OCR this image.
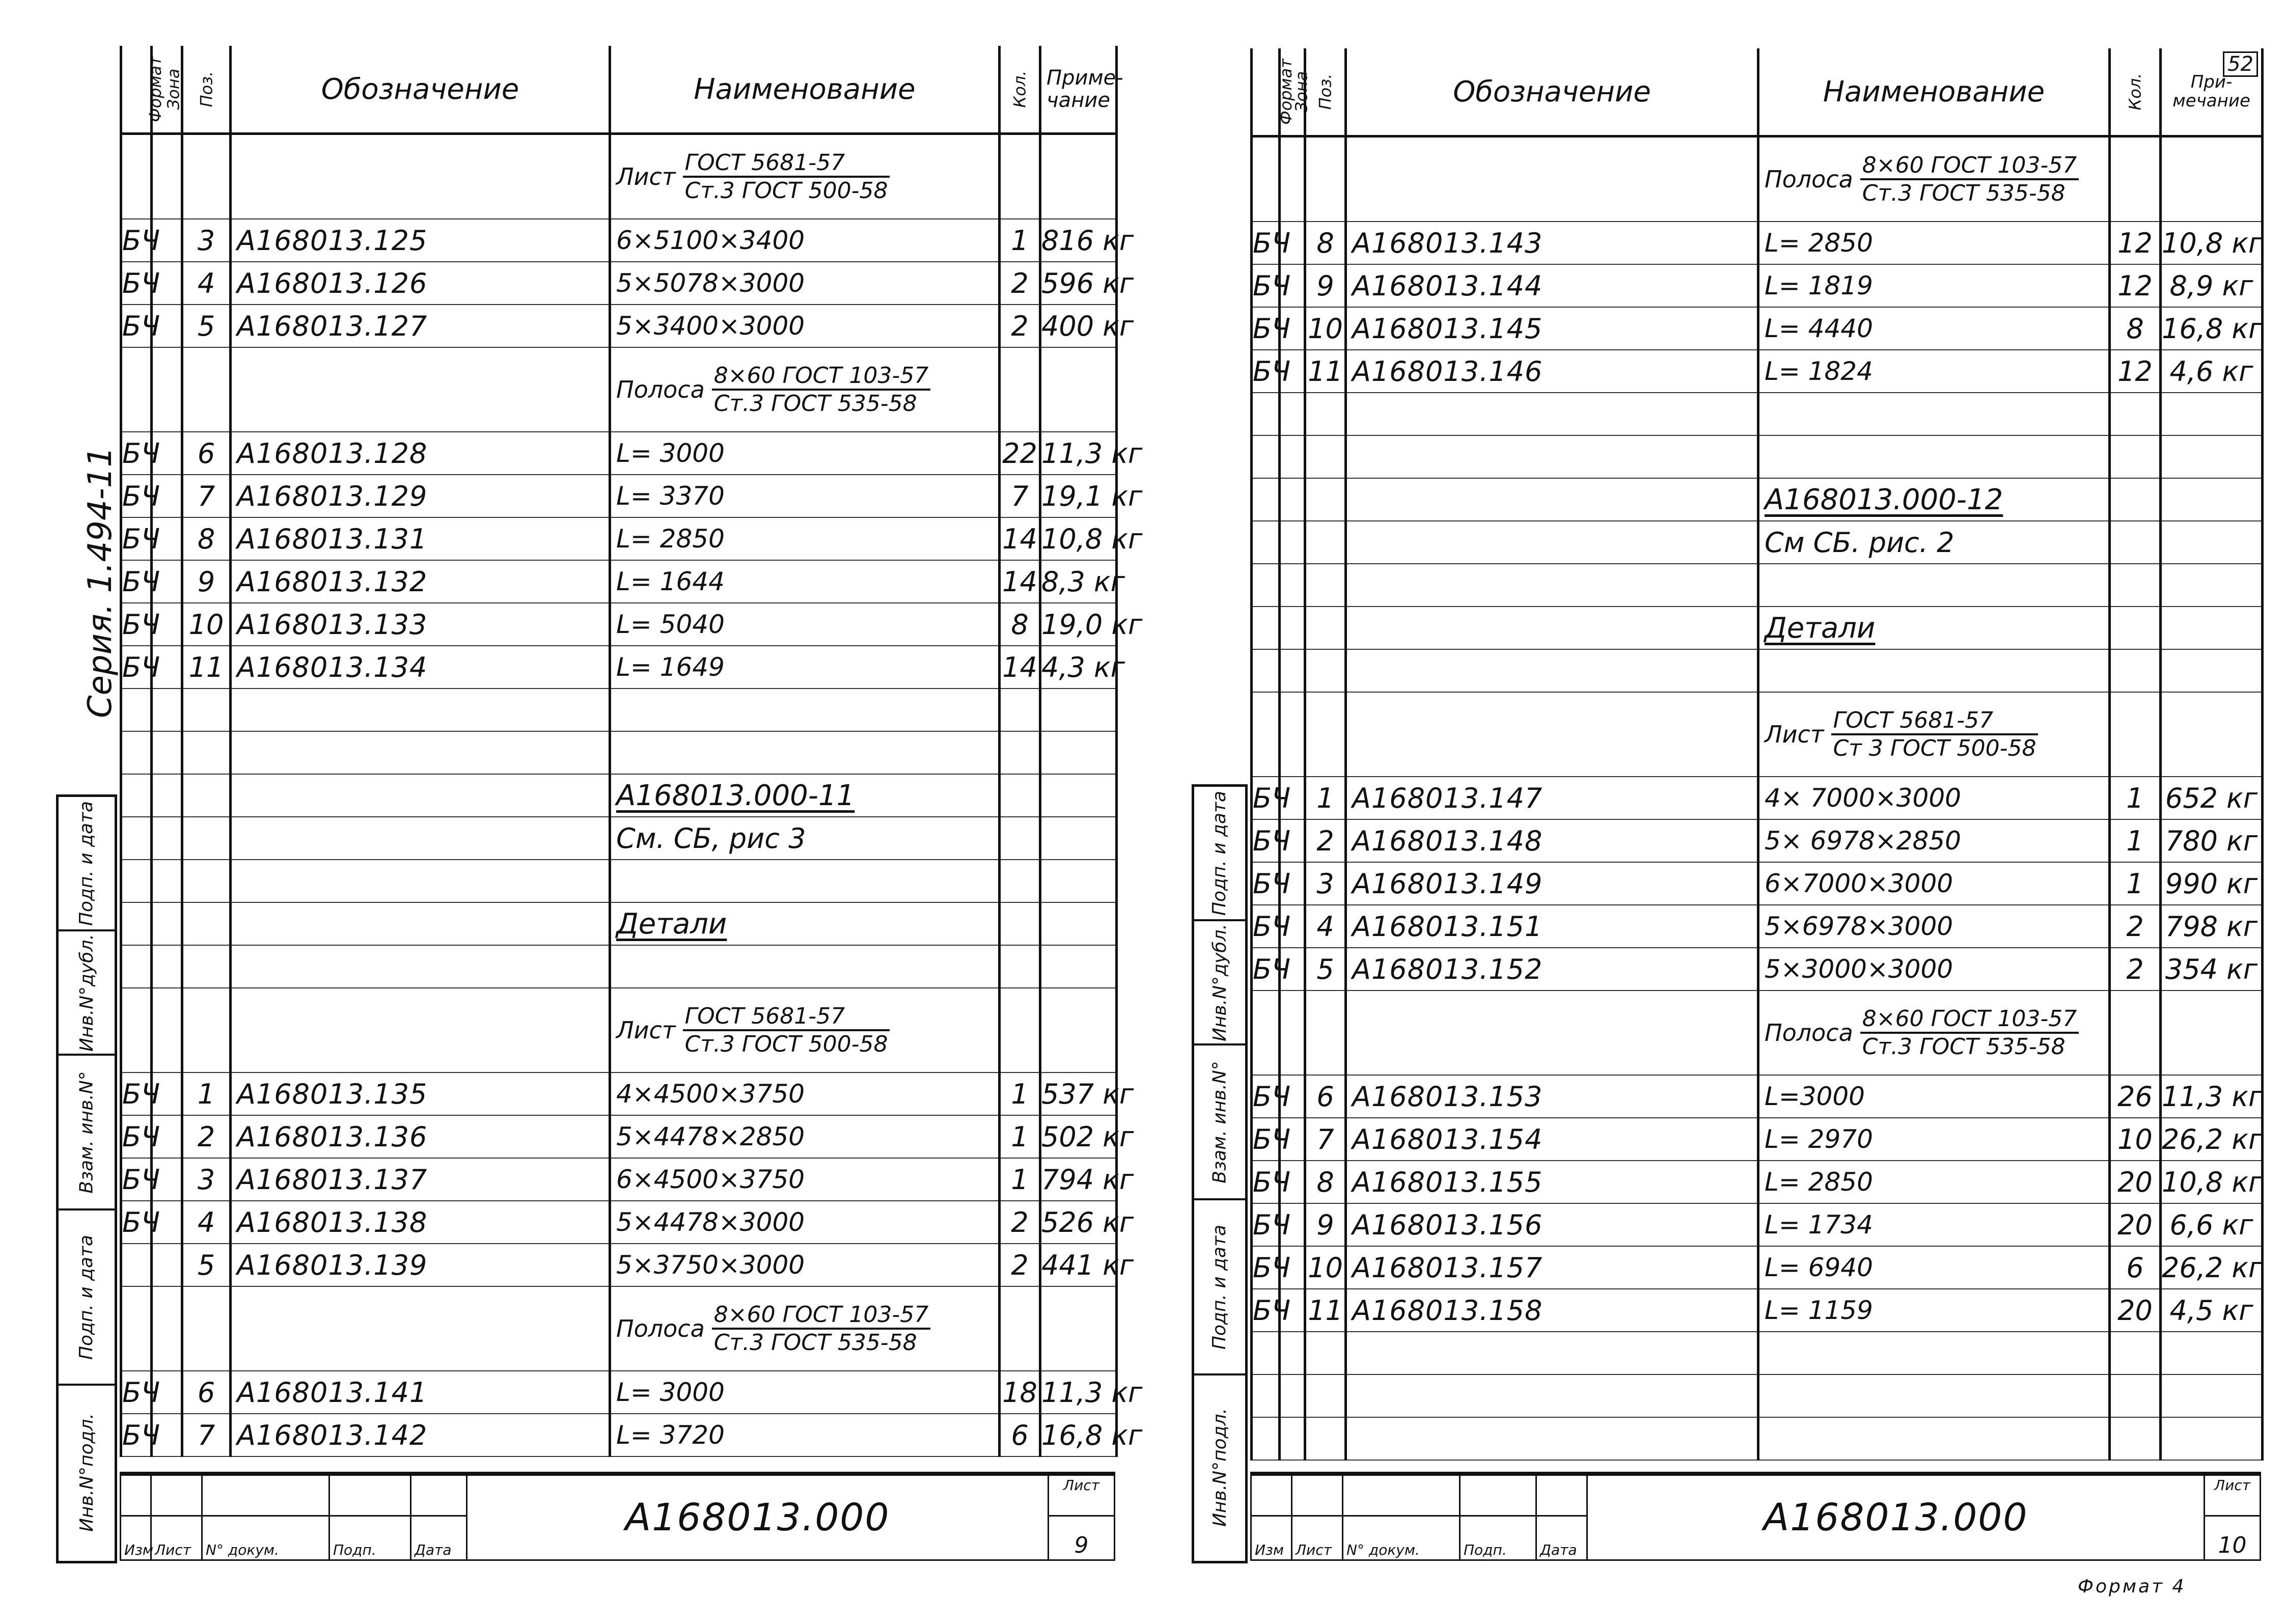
Серия. 1.494-11
Подп. и дата
Инв.N°дубл.
Взам. инв.N°
Подп. и дата
Инв.N°подл.
Формат	Зона	Поз.	Обозначение	Наименование	Кол.	Приме-
чание

				Лист $\frac{\text{ГОСТ 5681-57}}{\text{Ст.3 ГОСТ 500-58}}$

БЧ		3	А168013.125	6×5100×3400	1	816 кг
БЧ		4	А168013.126	5×5078×3000	2	596 кг
БЧ		5	А168013.127	5×3400×3000	2	400 кг

				Полоса $\frac{\text{8×60 ГОСТ 103-57}}{\text{Ст.3 ГОСТ 535-58}}$

БЧ		6	А168013.128	L= 3000	22	11,3 кг
БЧ		7	А168013.129	L= 3370	7	19,1 кг
БЧ		8	А168013.131	L= 2850	14	10,8 кг
БЧ		9	А168013.132	L= 1644	14	8,3 кг
БЧ		10	А168013.133	L= 5040	8	19,0 кг
БЧ		11	А168013.134	L= 1649	14	4,3 кг

				А168013.000-11		
				См. СБ, рис 3		

				Детали		

				Лист $\frac{\text{ГОСТ 5681-57}}{\text{Ст.3 ГОСТ 500-58}}$

БЧ		1	А168013.135	4×4500×3750	1	537 кг
БЧ		2	А168013.136	5×4478×2850	1	502 кг
БЧ		3	А168013.137	6×4500×3750	1	794 кг
БЧ		4	А168013.138	5×4478×3000	2	526 кг
		5	А168013.139	5×3750×3000	2	441 кг

				Полоса $\frac{\text{8×60 ГОСТ 103-57}}{\text{Ст.3 ГОСТ 535-58}}$

БЧ		6	А168013.141	L= 3000	18	11,3 кг
БЧ		7	А168013.142	L= 3720	6	16,8 кг
					А168013.000	Лист
Изм	Лист	N° докум.	Подп.	Дата		9
Подп. и дата
Инв.N°дубл.
Взам. инв.N°
Подп. и дата
Инв.N°подл.
Формат	Зона	Поз.	Обозначение	Наименование	Кол.	При-
мечание
52

				Полоса $\frac{\text{8×60 ГОСТ 103-57}}{\text{Ст.3 ГОСТ 535-58}}$

БЧ		8	А168013.143	L= 2850	12	10,8 кг
БЧ		9	А168013.144	L= 1819	12	8,9 кг
БЧ		10	А168013.145	L= 4440	8	16,8 кг
БЧ		11	А168013.146	L= 1824	12	4,6 кг

				А168013.000-12		
				См СБ. рис. 2		

				Детали		

				Лист $\frac{\text{ГОСТ 5681-57}}{\text{Ст 3 ГОСТ 500-58}}$

БЧ		1	А168013.147	4× 7000×3000	1	652 кг
БЧ		2	А168013.148	5× 6978×2850	1	780 кг
БЧ		3	А168013.149	6×7000×3000	1	990 кг
БЧ		4	А168013.151	5×6978×3000	2	798 кг
БЧ		5	А168013.152	5×3000×3000	2	354 кг

				Полоса $\frac{\text{8×60 ГОСТ 103-57}}{\text{Ст.3 ГОСТ 535-58}}$

БЧ		6	А168013.153	L=3000	26	11,3 кг
БЧ		7	А168013.154	L= 2970	10	26,2 кг
БЧ		8	А168013.155	L= 2850	20	10,8 кг
БЧ		9	А168013.156	L= 1734	20	6,6 кг
БЧ		10	А168013.157	L= 6940	6	26,2 кг
БЧ		11	А168013.158	L= 1159	20	4,5 кг

					А168013.000	Лист
Изм	Лист	N° докум.	Подп.	Дата		10
Формат 4
